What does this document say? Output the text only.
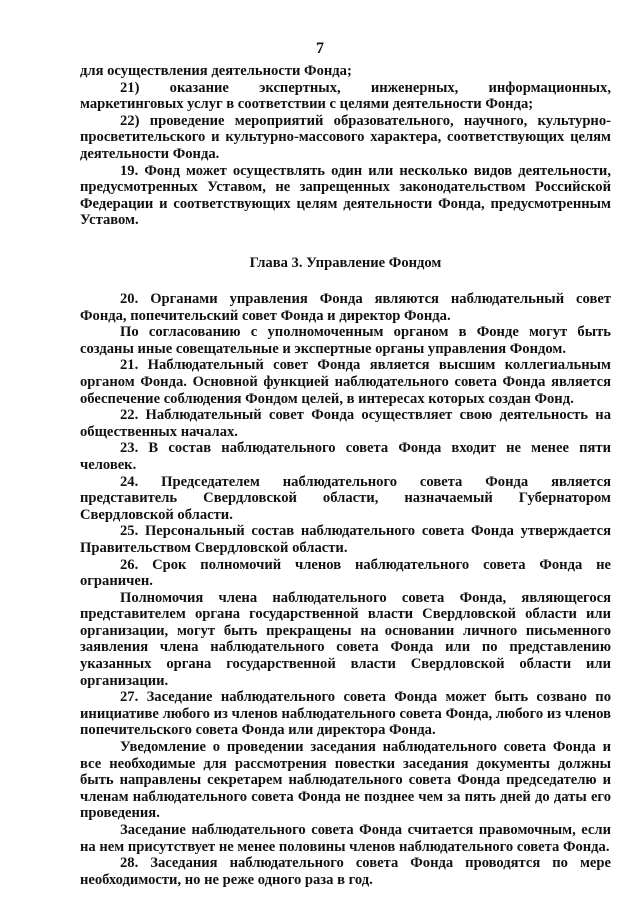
7

для осуществления деятельности Фонда;

21) оказание экспертных, инженерных, информационных, маркетинговых услуг в соответствии с целями деятельности Фонда;

22) проведение мероприятий образовательного, научного, культурно-просветительского и культурно-массового характера, соответствующих целям деятельности Фонда.

19. Фонд может осуществлять один или несколько видов деятельности, предусмотренных Уставом, не запрещенных законодательством Российской Федерации и соответствующих целям деятельности Фонда, предусмотренным Уставом.

Глава 3. Управление Фондом

20. Органами управления Фонда являются наблюдательный совет Фонда, попечительский совет Фонда и директор Фонда.

По согласованию с уполномоченным органом в Фонде могут быть созданы иные совещательные и экспертные органы управления Фондом.

21. Наблюдательный совет Фонда является высшим коллегиальным органом Фонда. Основной функцией наблюдательного совета Фонда является обеспечение соблюдения Фондом целей, в интересах которых создан Фонд.

22. Наблюдательный совет Фонда осуществляет свою деятельность на общественных началах.

23. В состав наблюдательного совета Фонда входит не менее пяти человек.

24. Председателем наблюдательного совета Фонда является представитель Свердловской области, назначаемый Губернатором Свердловской области.

25. Персональный состав наблюдательного совета Фонда утверждается Правительством Свердловской области.

26. Срок полномочий членов наблюдательного совета Фонда не ограничен.

Полномочия члена наблюдательного совета Фонда, являющегося представителем органа государственной власти Свердловской области или организации, могут быть прекращены на основании личного письменного заявления члена наблюдательного совета Фонда или по представлению указанных органа государственной власти Свердловской области или организации.

27. Заседание наблюдательного совета Фонда может быть созвано по инициативе любого из членов наблюдательного совета Фонда, любого из членов попечительского совета Фонда или директора Фонда.

Уведомление о проведении заседания наблюдательного совета Фонда и все необходимые для рассмотрения повестки заседания документы должны быть направлены секретарем наблюдательного совета Фонда председателю и членам наблюдательного совета Фонда не позднее чем за пять дней до даты его проведения.

Заседание наблюдательного совета Фонда считается правомочным, если на нем присутствует не менее половины членов наблюдательного совета Фонда.

28. Заседания наблюдательного совета Фонда проводятся по мере необходимости, но не реже одного раза в год.
